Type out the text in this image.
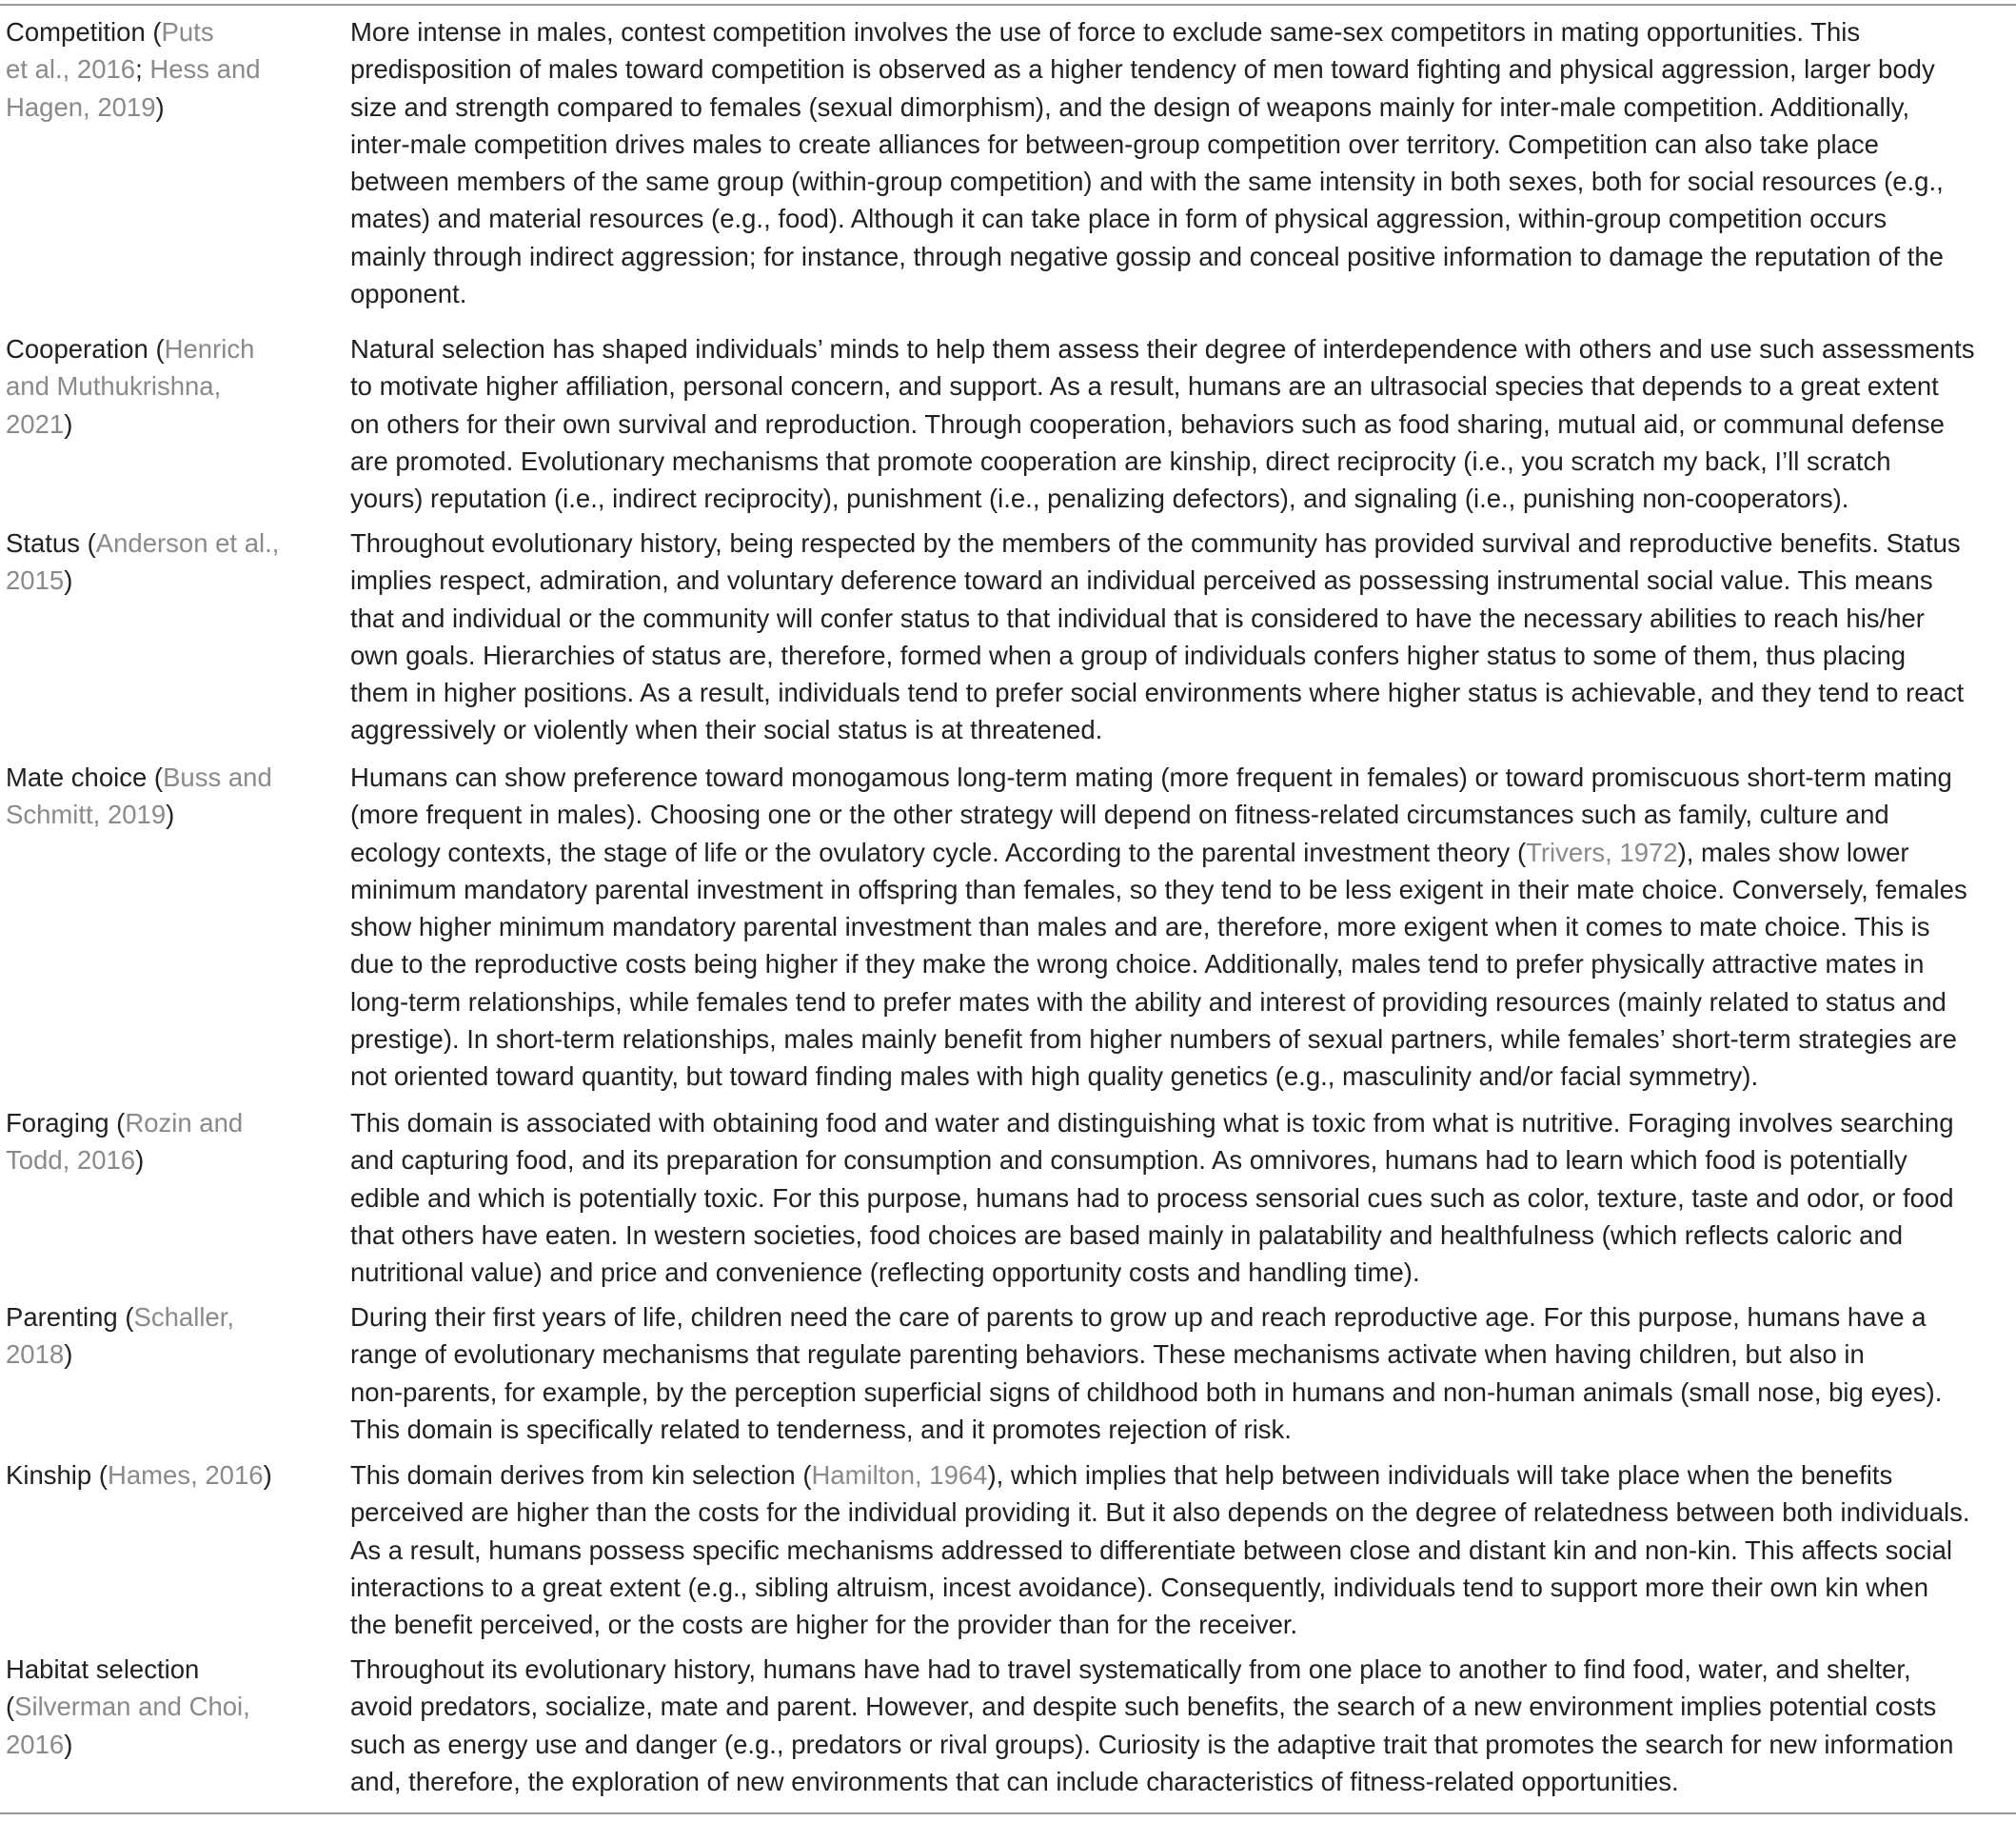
Competition (Puts
et al., 2016; Hess and
Hagen, 2019)
More intense in males, contest competition involves the use of force to exclude same-sex competitors in mating opportunities. This
predisposition of males toward competition is observed as a higher tendency of men toward fighting and physical aggression, larger body
size and strength compared to females (sexual dimorphism), and the design of weapons mainly for inter-male competition. Additionally,
inter-male competition drives males to create alliances for between-group competition over territory. Competition can also take place
between members of the same group (within-group competition) and with the same intensity in both sexes, both for social resources (e.g.,
mates) and material resources (e.g., food). Although it can take place in form of physical aggression, within-group competition occurs
mainly through indirect aggression; for instance, through negative gossip and conceal positive information to damage the reputation of the
opponent.
Cooperation (Henrich
and Muthukrishna,
2021)
Natural selection has shaped individuals’ minds to help them assess their degree of interdependence with others and use such assessments
to motivate higher affiliation, personal concern, and support. As a result, humans are an ultrasocial species that depends to a great extent
on others for their own survival and reproduction. Through cooperation, behaviors such as food sharing, mutual aid, or communal defense
are promoted. Evolutionary mechanisms that promote cooperation are kinship, direct reciprocity (i.e., you scratch my back, I’ll scratch
yours) reputation (i.e., indirect reciprocity), punishment (i.e., penalizing defectors), and signaling (i.e., punishing non-cooperators).
Status (Anderson et al.,
2015)
Throughout evolutionary history, being respected by the members of the community has provided survival and reproductive benefits. Status
implies respect, admiration, and voluntary deference toward an individual perceived as possessing instrumental social value. This means
that and individual or the community will confer status to that individual that is considered to have the necessary abilities to reach his/her
own goals. Hierarchies of status are, therefore, formed when a group of individuals confers higher status to some of them, thus placing
them in higher positions. As a result, individuals tend to prefer social environments where higher status is achievable, and they tend to react
aggressively or violently when their social status is at threatened.
Mate choice (Buss and
Schmitt, 2019)
Humans can show preference toward monogamous long-term mating (more frequent in females) or toward promiscuous short-term mating
(more frequent in males). Choosing one or the other strategy will depend on fitness-related circumstances such as family, culture and
ecology contexts, the stage of life or the ovulatory cycle. According to the parental investment theory (Trivers, 1972), males show lower
minimum mandatory parental investment in offspring than females, so they tend to be less exigent in their mate choice. Conversely, females
show higher minimum mandatory parental investment than males and are, therefore, more exigent when it comes to mate choice. This is
due to the reproductive costs being higher if they make the wrong choice. Additionally, males tend to prefer physically attractive mates in
long-term relationships, while females tend to prefer mates with the ability and interest of providing resources (mainly related to status and
prestige). In short-term relationships, males mainly benefit from higher numbers of sexual partners, while females’ short-term strategies are
not oriented toward quantity, but toward finding males with high quality genetics (e.g., masculinity and/or facial symmetry).
Foraging (Rozin and
Todd, 2016)
This domain is associated with obtaining food and water and distinguishing what is toxic from what is nutritive. Foraging involves searching
and capturing food, and its preparation for consumption and consumption. As omnivores, humans had to learn which food is potentially
edible and which is potentially toxic. For this purpose, humans had to process sensorial cues such as color, texture, taste and odor, or food
that others have eaten. In western societies, food choices are based mainly in palatability and healthfulness (which reflects caloric and
nutritional value) and price and convenience (reflecting opportunity costs and handling time).
Parenting (Schaller,
2018)
During their first years of life, children need the care of parents to grow up and reach reproductive age. For this purpose, humans have a
range of evolutionary mechanisms that regulate parenting behaviors. These mechanisms activate when having children, but also in
non-parents, for example, by the perception superficial signs of childhood both in humans and non-human animals (small nose, big eyes).
This domain is specifically related to tenderness, and it promotes rejection of risk.
Kinship (Hames, 2016)	This domain derives from kin selection (Hamilton, 1964), which implies that help between individuals will take place when the benefits
perceived are higher than the costs for the individual providing it. But it also depends on the degree of relatedness between both individuals.
As a result, humans possess specific mechanisms addressed to differentiate between close and distant kin and non-kin. This affects social
interactions to a great extent (e.g., sibling altruism, incest avoidance). Consequently, individuals tend to support more their own kin when
the benefit perceived, or the costs are higher for the provider than for the receiver.
Habitat selection
(Silverman and Choi,
2016)
Throughout its evolutionary history, humans have had to travel systematically from one place to another to find food, water, and shelter,
avoid predators, socialize, mate and parent. However, and despite such benefits, the search of a new environment implies potential costs
such as energy use and danger (e.g., predators or rival groups). Curiosity is the adaptive trait that promotes the search for new information
and, therefore, the exploration of new environments that can include characteristics of fitness-related opportunities.
